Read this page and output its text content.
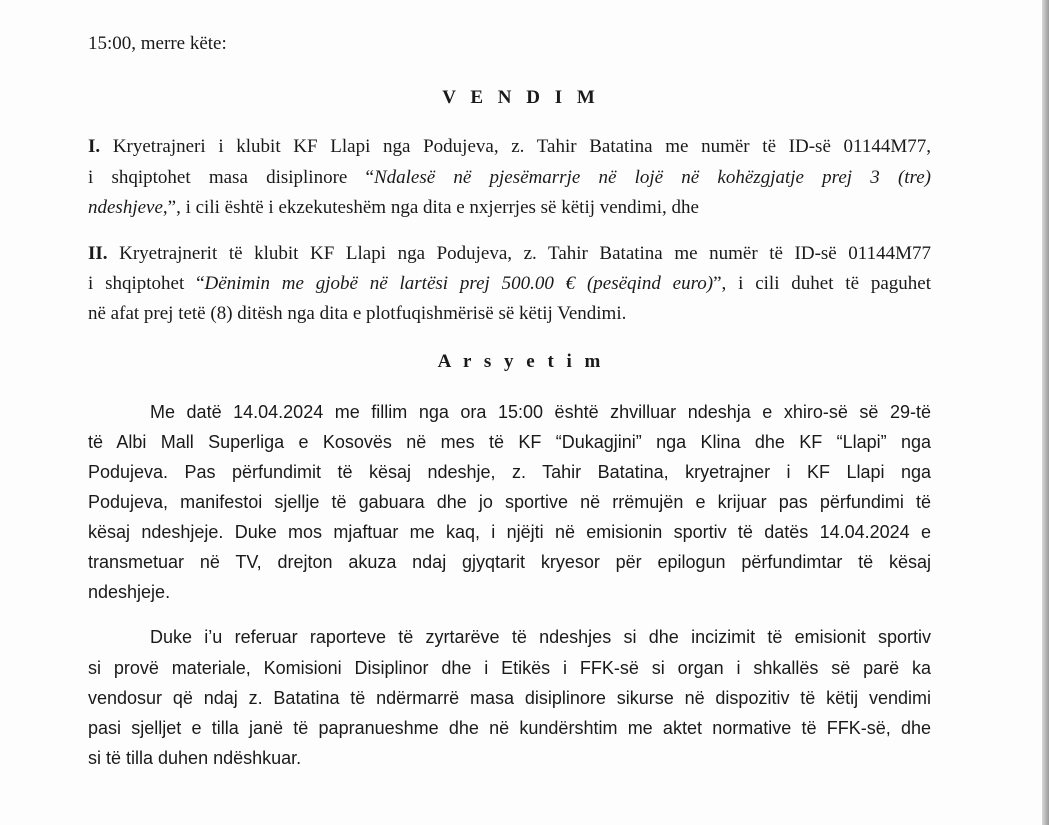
15:00, merre këte:
V E N D I M
I. Kryetrajneri i klubit KF Llapi nga Podujeva, z. Tahir Batatina me numër të ID-së 01144M77,
i shqiptohet masa disiplinore “Ndalesë në pjesëmarrje në lojë në kohëzgjatje prej 3 (tre)
ndeshjeve,”, i cili është i ekzekuteshëm nga dita e nxjerrjes së këtij vendimi, dhe
II. Kryetrajnerit të klubit KF Llapi nga Podujeva, z. Tahir Batatina me numër të ID-së 01144M77
i shqiptohet “Dënimin me gjobë në lartësi prej 500.00 € (pesëqind euro)”, i cili duhet të paguhet
në afat prej tetë (8) ditësh nga dita e plotfuqishmërisë së këtij Vendimi.
A r s y e t i m
Me datë 14.04.2024 me fillim nga ora 15:00 është zhvilluar ndeshja e xhiro-së së 29-të
të Albi Mall Superliga e Kosovës në mes të KF “Dukagjini” nga Klina dhe KF “Llapi” nga
Podujeva. Pas përfundimit të kësaj ndeshje, z. Tahir Batatina, kryetrajner i KF Llapi nga
Podujeva, manifestoi sjellje të gabuara dhe jo sportive në rrëmujën e krijuar pas përfundimi të
kësaj ndeshjeje. Duke mos mjaftuar me kaq, i njëjti në emisionin sportiv të datës 14.04.2024 e
transmetuar në TV, drejton akuza ndaj gjyqtarit kryesor për epilogun përfundimtar të kësaj
ndeshjeje.
Duke i’u referuar raporteve të zyrtarëve të ndeshjes si dhe incizimit të emisionit sportiv
si provë materiale, Komisioni Disiplinor dhe i Etikës i FFK-së si organ i shkallës së parë ka
vendosur që ndaj z. Batatina të ndërmarrë masa disiplinore sikurse në dispozitiv të këtij vendimi
pasi sjelljet e tilla janë të papranueshme dhe në kundërshtim me aktet normative të FFK-së, dhe
si të tilla duhen ndëshkuar.
